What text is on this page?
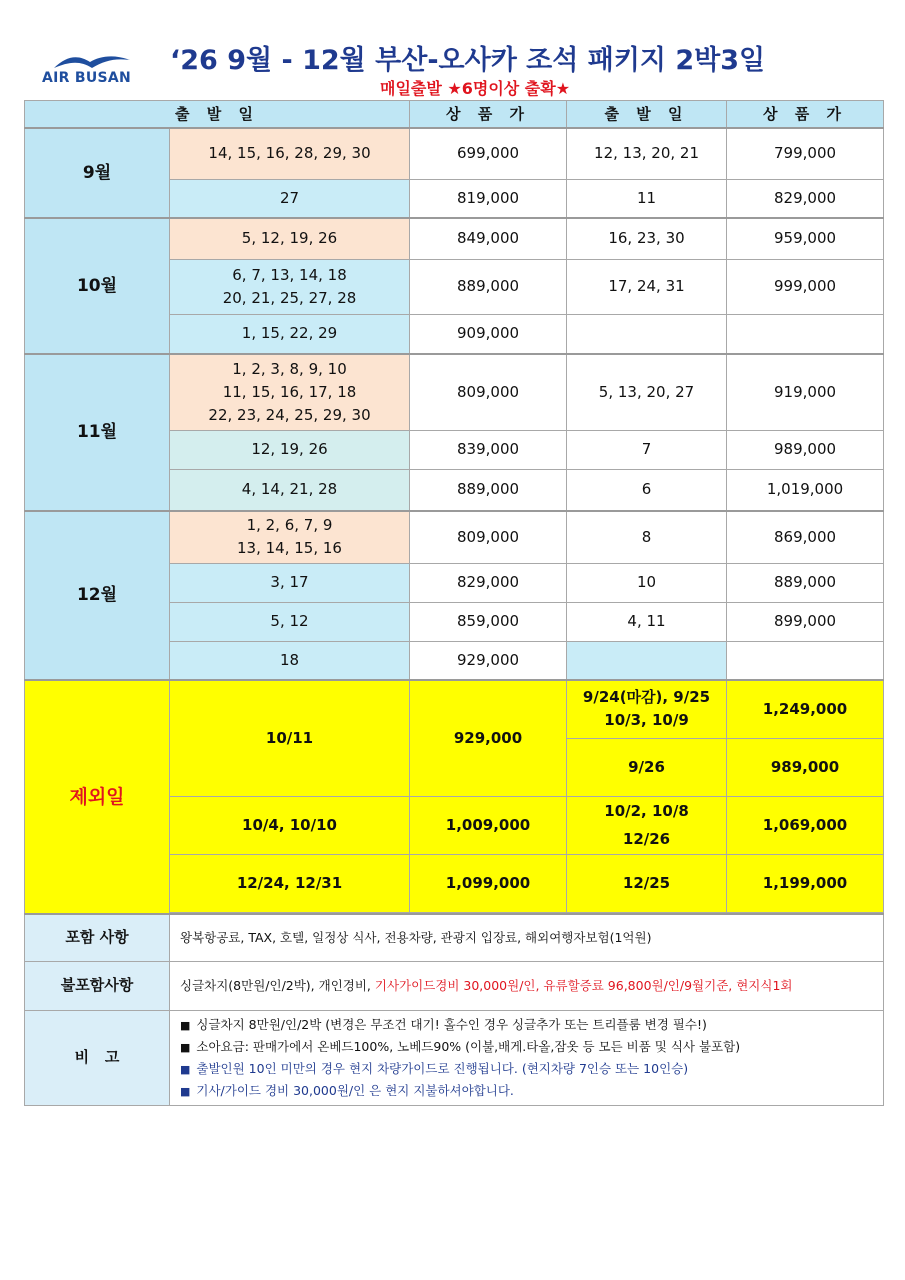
AIR BUSAN
‘26 9월 - 12월 부산-오사카 조석 패키지 2박3일
매일출발 ★6명이상 출확★
출 발 일		상 품 가	출 발 일	상 품 가
9월	14, 15, 16, 28, 29, 30	699,000	12, 13, 20, 21	799,000
	27	819,000	11	829,000
10월	5, 12, 19, 26	849,000	16, 23, 30	959,000
	6, 7, 13, 14, 18
20, 21, 25, 27, 28	889,000	17, 24, 31	999,000
	1, 15, 22, 29	909,000		
11월	1, 2, 3, 8, 9, 10
11, 15, 16, 17, 18
22, 23, 24, 25, 29, 30	809,000	5, 13, 20, 27	919,000
	12, 19, 26	839,000	7	989,000
	4, 14, 21, 28	889,000	6	1,019,000
12월	1, 2, 6, 7, 9
13, 14, 15, 16	809,000	8	869,000
	3, 17	829,000	10	889,000
	5, 12	859,000	4, 11	899,000
	18	929,000		
제외일	10/11	929,000	9/24(마감), 9/25
10/3, 10/9	1,249,000
			9/26	989,000
	10/4, 10/10	1,009,000	10/2, 10/8
12/26	1,069,000
	12/24, 12/31	1,099,000	12/25	1,199,000

포함 사항	왕복항공료, TAX, 호텔, 일정상 식사, 전용차량, 관광지 입장료, 해외여행자보험(1억원)			
불포함사항	싱글차지(8만원/인/2박), 개인경비, 기사가이드경비 30,000원/인, 유류할증료 96,800원/인/9월기준, 현지식1회			
비   고	■ 싱글차지 8만원/인/2박 (변경은 무조건 대기! 홀수인 경우 싱글추가 또는 트리플룸 변경 필수!)
■ 소아요금: 판매가에서 온베드100%, 노베드90% (이불,배게.타올,잠옷 등 모든 비품 및 식사 불포함)
■ 출발인원 10인 미만의 경우 현지 차량가이드로 진행됩니다. (현지차량 7인승 또는 10인승)
■ 기사/가이드 경비 30,000원/인 은 현지 지불하셔야합니다.			
